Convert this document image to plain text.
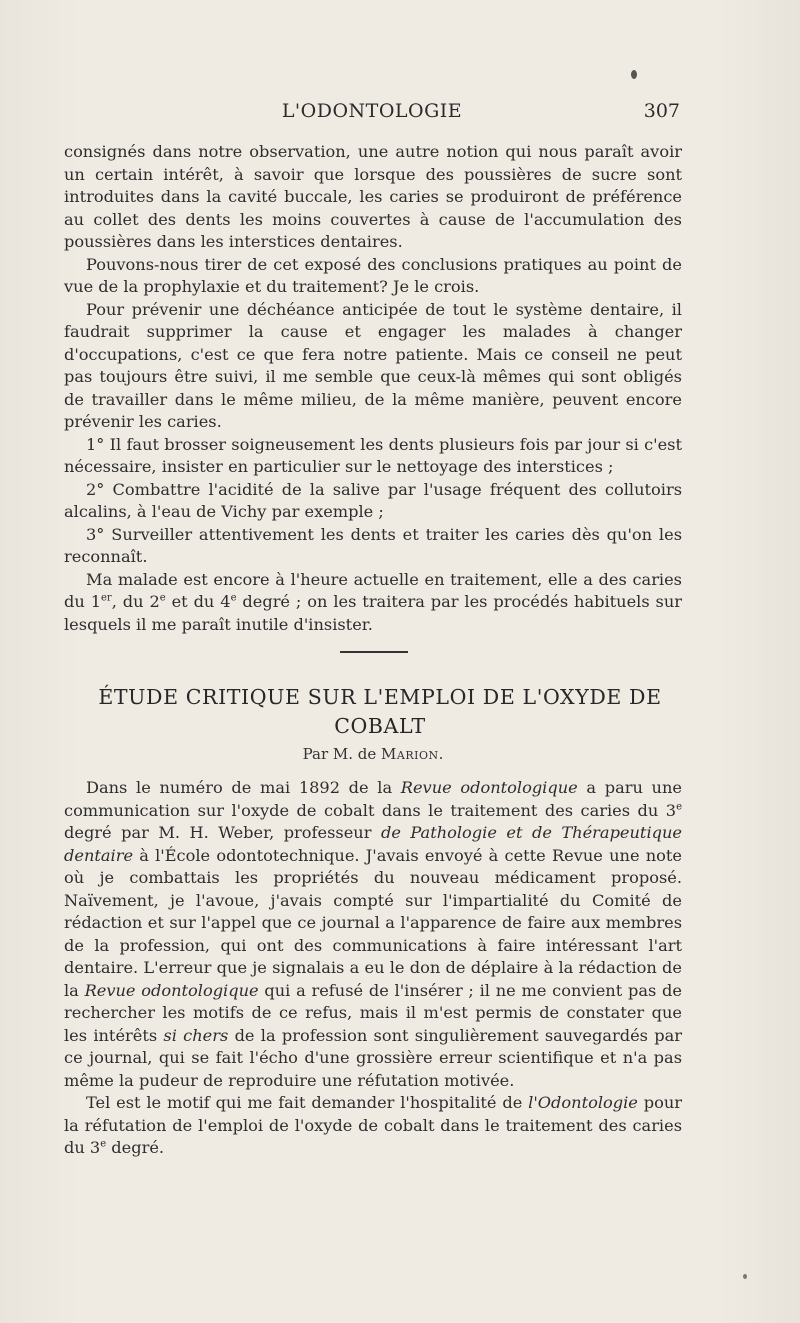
L'ODONTOLOGIE	307

consignés dans notre observation, une autre notion qui nous paraît avoir un certain intérêt, à savoir que lorsque des poussières de sucre sont introduites dans la cavité buccale, les caries se produiront de préférence au collet des dents les moins couvertes à cause de l'accumulation des poussières dans les interstices dentaires.

Pouvons-nous tirer de cet exposé des conclusions pratiques au point de vue de la prophylaxie et du traitement? Je le crois.

Pour prévenir une déchéance anticipée de tout le système dentaire, il faudrait supprimer la cause et engager les malades à changer d'occupations, c'est ce que fera notre patiente. Mais ce conseil ne peut pas toujours être suivi, il me semble que ceux-là mêmes qui sont obligés de travailler dans le même milieu, de la même manière, peuvent encore prévenir les caries.

1° Il faut brosser soigneusement les dents plusieurs fois par jour si c'est nécessaire, insister en particulier sur le nettoyage des interstices ;

2° Combattre l'acidité de la salive par l'usage fréquent des collutoirs alcalins, à l'eau de Vichy par exemple ;

3° Surveiller attentivement les dents et traiter les caries dès qu'on les reconnaît.

Ma malade est encore à l'heure actuelle en traitement, elle a des caries du 1er, du 2e et du 4e degré ; on les traitera par les procédés habituels sur lesquels il me paraît inutile d'insister.

ÉTUDE CRITIQUE SUR L'EMPLOI DE L'OXYDE DE
COBALT
Par M. de Marion.

Dans le numéro de mai 1892 de la Revue odontologique a paru une communication sur l'oxyde de cobalt dans le traitement des caries du 3e degré par M. H. Weber, professeur de Pathologie et de Thérapeutique dentaire à l'École odontotechnique. J'avais envoyé à cette Revue une note où je combattais les propriétés du nouveau médicament proposé. Naïvement, je l'avoue, j'avais compté sur l'impartialité du Comité de rédaction et sur l'appel que ce journal a l'apparence de faire aux membres de la profession, qui ont des communications à faire intéressant l'art dentaire. L'erreur que je signalais a eu le don de déplaire à la rédaction de la Revue odontologique qui a refusé de l'insérer ; il ne me convient pas de rechercher les motifs de ce refus, mais il m'est permis de constater que les intérêts si chers de la profession sont singulièrement sauvegardés par ce journal, qui se fait l'écho d'une grossière erreur scientifique et n'a pas même la pudeur de reproduire une réfutation motivée.

Tel est le motif qui me fait demander l'hospitalité de l'Odontologie pour la réfutation de l'emploi de l'oxyde de cobalt dans le traitement des caries du 3e degré.
